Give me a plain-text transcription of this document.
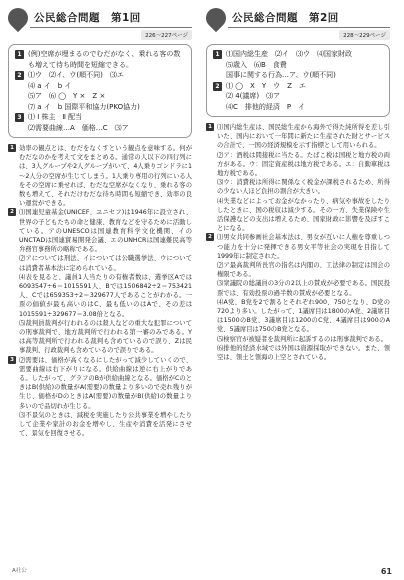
公民総合問題　第1回
226～227ページ
1 (例)空席が埋まるのでむだがなく、乗れる客の数も増えて待ち時間を短縮できる。
2 ⑴ウ　⑵イ、ウ(順不同)　⑶エ
⑷ a イ　b イ
⑸ア　⑹ ◯　Y ×　Z ×
⑺ a イ　b 国際平和協力(PKO協力)
3 ⑴ Ⅰ 株主　Ⅱ 配当
⑵需要曲線…A　価格…C　⑶ア
1 効率の観点とは、むだをなくすという観点を意味する。何がむだなのかを考えて文をまとめる。通常の人以下の四行列には、3人グループや2人グループがいて、4人乗りゴンドラに1～2人分の空席が生じてしまう。1人乗り専用の行列にいる人をその空席に乗せれば、むだな空席がなくなり、乗れる客の数も増えて、それだけむだな待ち時間も短縮でき、効率の良い運営ができる。
2 ⑴国連児童基金(UNICEF、ユニセフ)は1946年に設立され、世界の子どもたちの命と健康、教育などを守るために活動している。アのUNESCOは国連教育科学文化機関、イのUNCTADは国連貿易開発会議、エのUNHCRは国連難民高等弁務官事務所の略称である。
⑵アについては刑法、イについては公職選挙法、ウについては消費者基本法に定められている。
⑷表を見ると、議員1人当たりの有権者数は、選挙区Aでは6093547÷6＝1015591人、Bでは1506842÷2＝753421人、Cでは659353÷2＝329677人であることがわかる。一票の価値が最も高いのはC、最も低いのはAで、その差は1015591÷329677＝3.08倍となる。
⑸裁判員裁判が行われるのは殺人などの重大な犯罪についての刑事裁判で、地方裁判所で行われる第一審のみである。Yは高等裁判所で行われる裁判も含めているので誤り、Zは民事裁判、行政裁判も含めているので誤りである。
3 ⑵需要は、価格が高くなるにしたがって減少していくので、需要曲線は右下がりになる。供給曲線は逆に右上がりである。したがって、グラフのBが供給曲線となる。価格がCのときはB(供給)の数量がA(需要)の数量より多いので売れ残りが生じ、価格がDのときはA(需要)の数量がB(供給)の数量より多いので品切れが生じる。
⑶不景気のときは、減税を実施したり公共事業を増やしたりして企業や家計のお金を増やし、生産や消費を活発にさせて、景気を回復させる。
公民総合問題　第2回
228～229ページ
1 ⑴国内総生産　⑵イ　⑶ウ　⑷国家財政
⑸歳入　⑹B　食費
国事に関する行為…ア、ウ(順不同)
2 ⑴ ◯　X　Y　ウ　Z　エ
⑵ 4(議席)　⑶ア
⑷C　排他的経済　P　イ
1 ⑴国内総生産は、国民総生産から海外で得た純所得を差し引いた、国内において一年間に新たに生産された財とサービスの合計で、一国の経済規模を示す指標として用いられる。
⑵ア：酒税は間接税に当たる。たばこ税は国税と地方税の両方がある。ウ：固定資産税は地方税である。エ：自動車税は地方税である。
⑶ウ：消費税は所得に関係なく税金が課税されるため、所得の少ない人ほど負担の割合が大きい。
⑷失業などによってお金がなかったり、病気や事故をしたりしたときに、国の税収は減少する。その一方、失業保険や生活保護などの支出は増えるため、国家財政に影響を及ぼすことになる。
2 ⑴男女共同参画社会基本法は、男女が互いに人権を尊重しつつ能力を十分に発揮できる男女平等社会の実現を目指して1999年に制定された。
⑵ア最高裁判所長官の指名は内閣の、工法律の制定は国会の権限である。
⑶衆議院の総議員の3分の2以上の賛成が必要である。国民投票では、有効投票の過半数の賛成が必要となる。
⑷A党、B党を2で割るとそれぞれ900、750となり、D党の720より多い。したがって、1議席目は1800のA党、2議席目は1500のB党、3議席目は1200のC党、4議席目は900のA党、5議席目は750のB党となる。
⑸検察官が被疑者を裁判所に起訴するのは刑事裁判である。
⑹排他的経済水域では外国は資源採取ができない。また、領空は、領土と領海の上空とされている。
A社公	61
